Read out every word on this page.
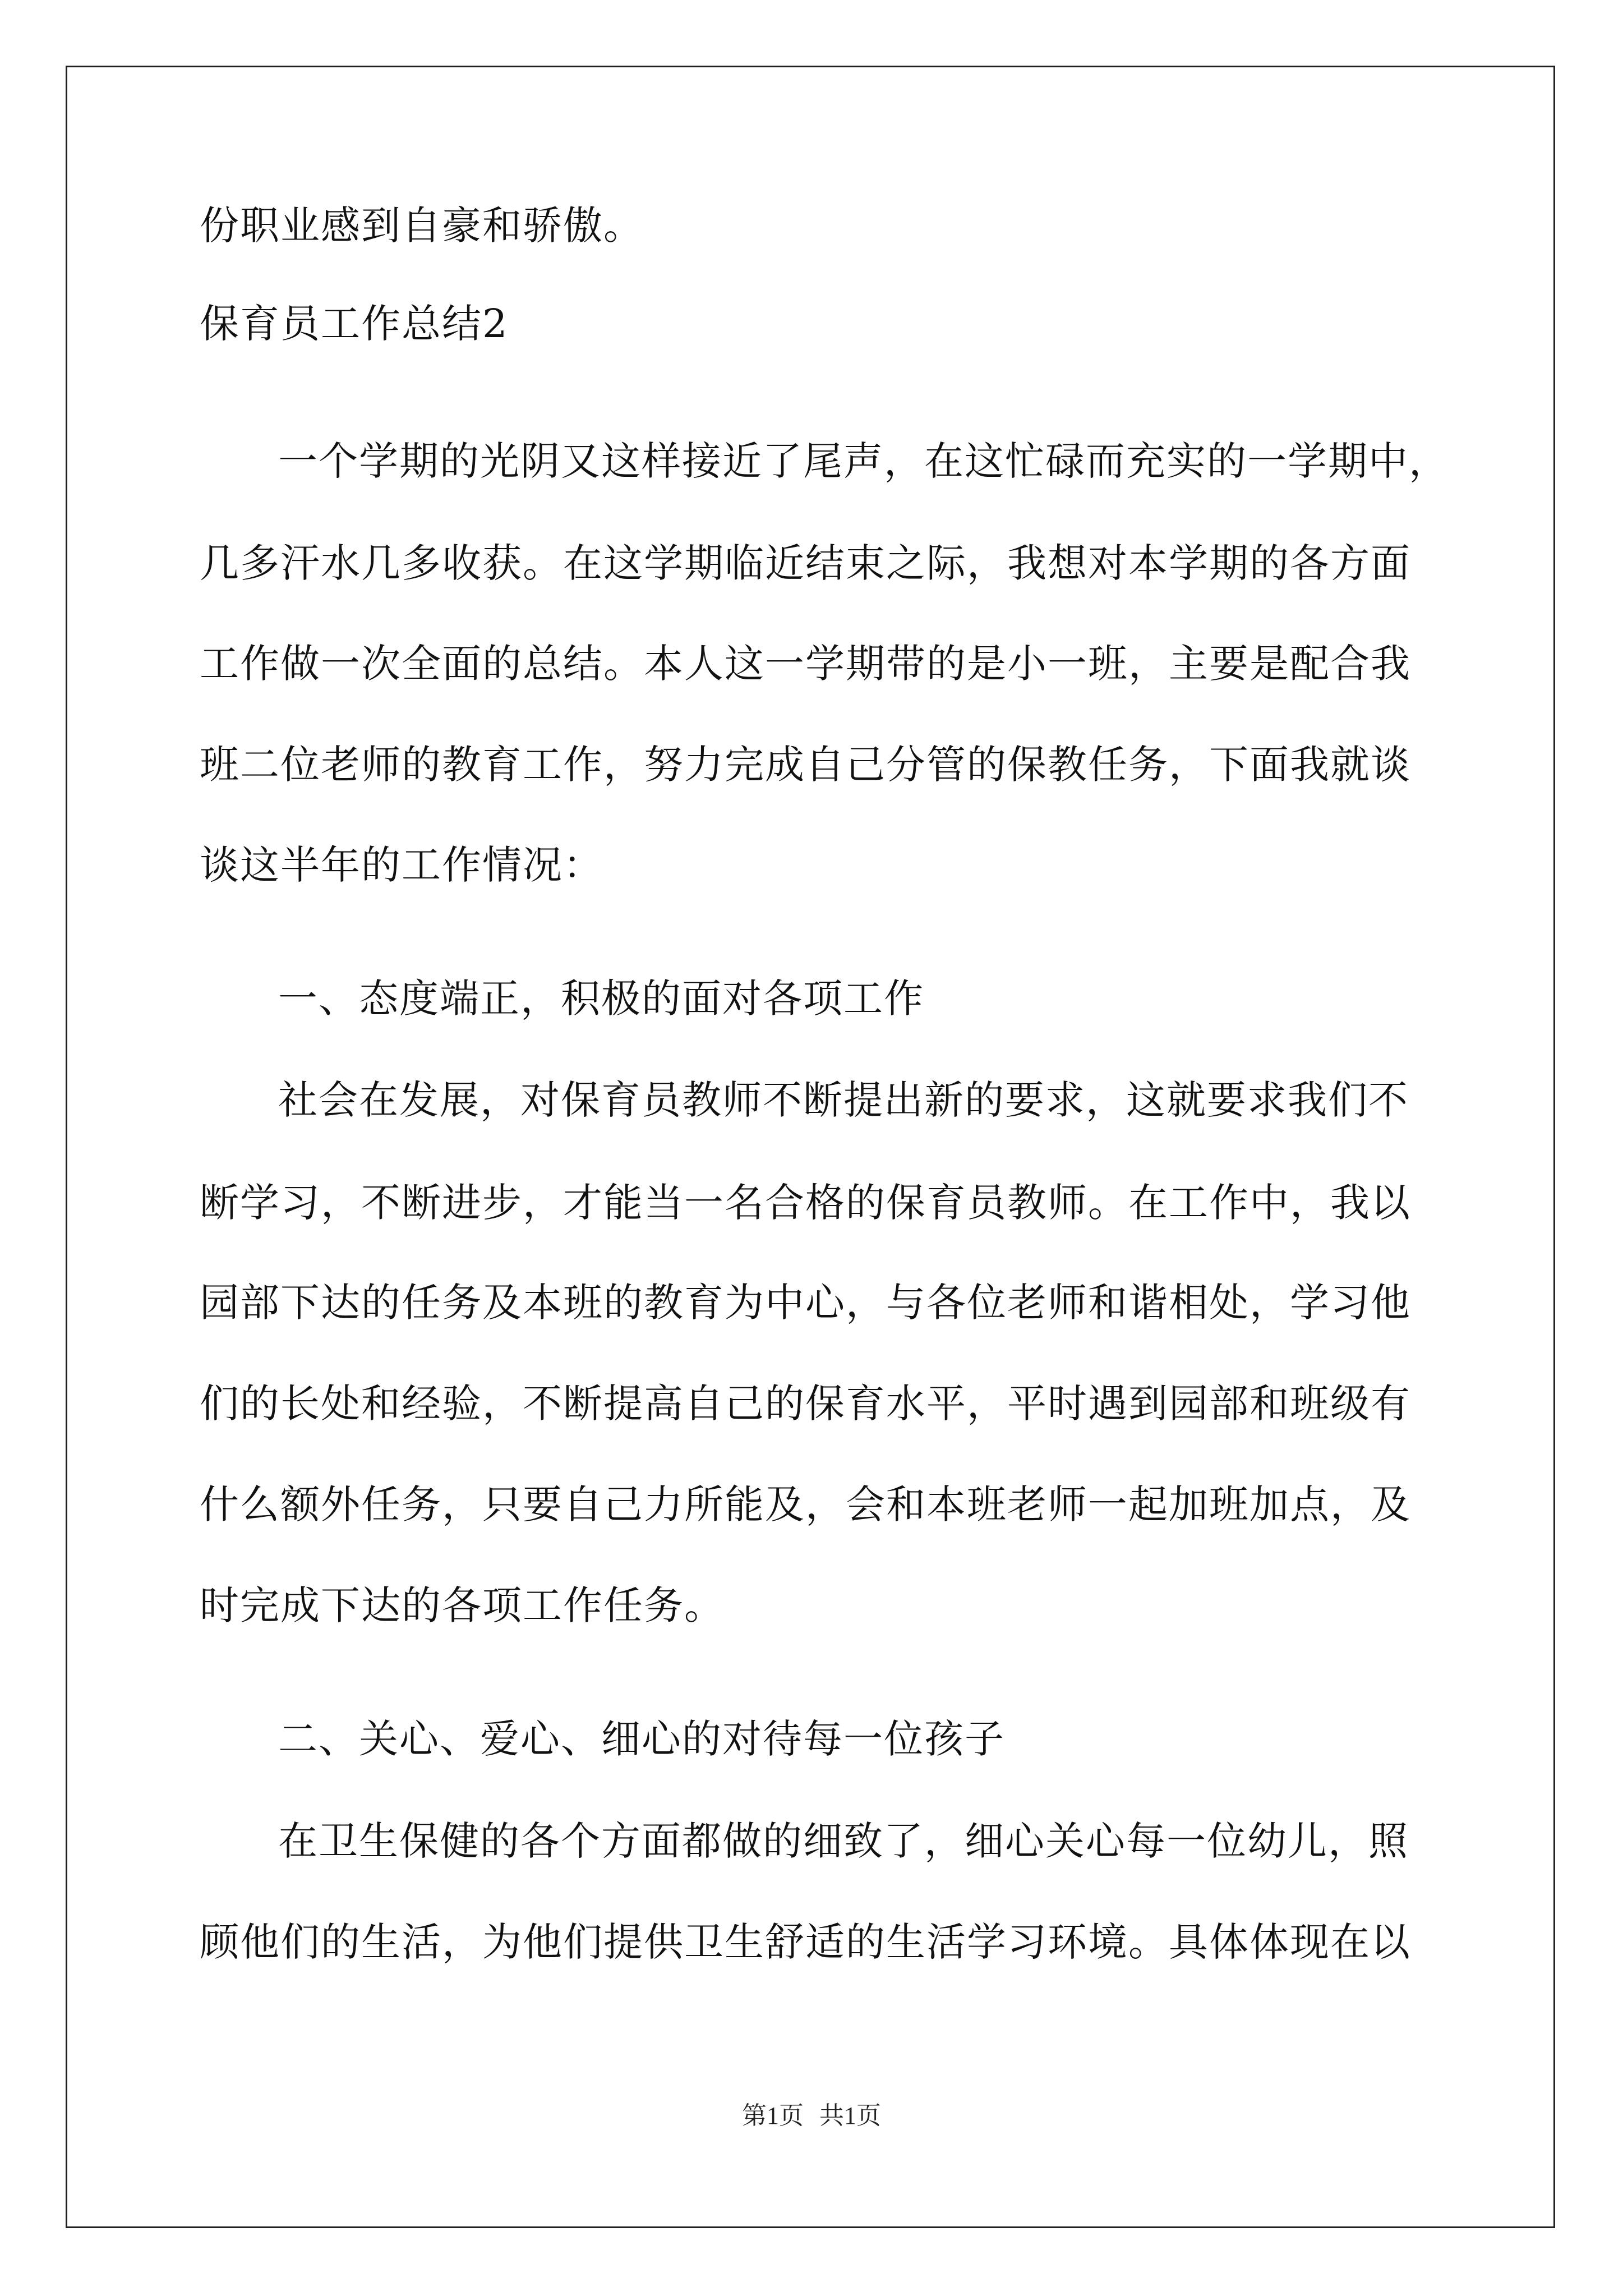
份职业感到自豪和骄傲。
保育员工作总结2
一个学期的光阴又这样接近了尾声，在这忙碌而充实的一学期中，
几多汗水几多收获。在这学期临近结束之际，我想对本学期的各方面
工作做一次全面的总结。本人这一学期带的是小一班，主要是配合我
班二位老师的教育工作，努力完成自己分管的保教任务，下面我就谈
谈这半年的工作情况：
一、态度端正，积极的面对各项工作
社会在发展，对保育员教师不断提出新的要求，这就要求我们不
断学习，不断进步，才能当一名合格的保育员教师。在工作中，我以
园部下达的任务及本班的教育为中心，与各位老师和谐相处，学习他
们的长处和经验，不断提高自己的保育水平，平时遇到园部和班级有
什么额外任务，只要自己力所能及，会和本班老师一起加班加点，及
时完成下达的各项工作任务。
二、关心、爱心、细心的对待每一位孩子
在卫生保健的各个方面都做的细致了，细心关心每一位幼儿，照
顾他们的生活，为他们提供卫生舒适的生活学习环境。具体体现在以
第1页 共1页
